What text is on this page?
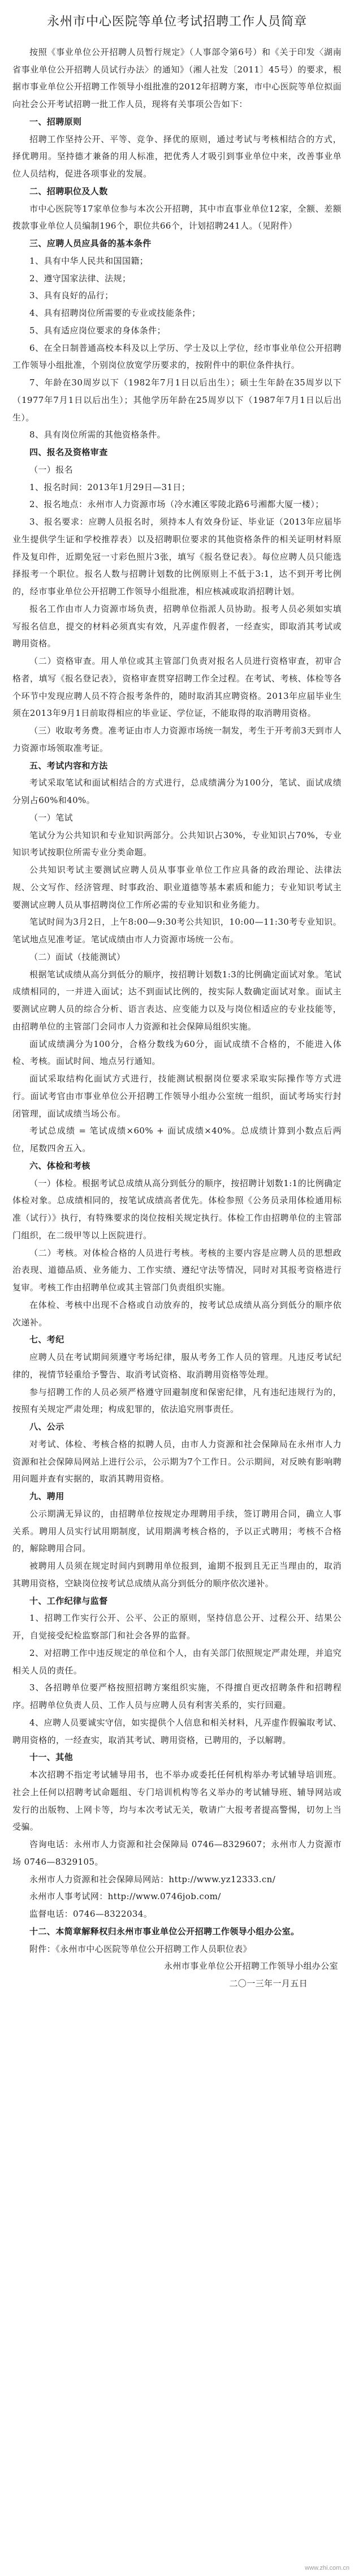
永州市中心医院等单位考试招聘工作人员简章

按照《事业单位公开招聘人员暂行规定》（人事部令第6号）和《关于印发〈湖南省事业单位公开招聘人员试行办法〉的通知》（湘人社发〔2011〕45号）的要求，根据市事业单位公开招聘工作领导小组批准的2012年招聘方案，市中心医院等单位拟面向社会公开考试招聘一批工作人员，现将有关事项公告如下：

一、招聘原则

招聘工作坚持公开、平等、竞争、择优的原则，通过考试与考核相结合的方式，择优聘用。坚持德才兼备的用人标准，把优秀人才吸引到事业单位中来，改善事业单位人员结构，促进各项事业的发展。

二、招聘职位及人数

市中心医院等17家单位参与本次公开招聘，其中市直事业单位12家，全额、差额拨款事业单位人员编制196个，职位共66个，计划招聘241人。（见附件）

三、应聘人员应具备的基本条件

1、具有中华人民共和国国籍；

2、遵守国家法律、法规；

3、具有良好的品行；

4、具有招聘岗位所需要的专业或技能条件；

5、具有适应岗位要求的身体条件；

6、在全日制普通高校本科及以上学历、学士及以上学位，经市事业单位公开招聘工作领导小组批准，个别岗位放宽学历要求的，按附件中的职位条件执行。

7、年龄在30周岁以下（1982年7月1日以后出生）；硕士生年龄在35周岁以下（1977年7月1日以后出生）；其他学历年龄在25周岁以下（1987年7月1日以后出生）。

8、具有岗位所需的其他资格条件。

四、报名及资格审查

（一）报名

1、报名时间：2013年1月29日—31日；

2、报名地点：永州市人力资源市场（冷水滩区零陵北路6号湘都大厦一楼）；

3、报名要求：应聘人员报名时，须持本人有效身份证、毕业证（2013年应届毕业生提供学生证和学校推荐表）以及招聘职位要求的其他资格条件的相关证明材料原件及复印件，近期免冠一寸彩色照片3张，填写《报名登记表》。每位应聘人员只能选择报考一个职位。报名人数与招聘计划数的比例原则上不低于3:1，达不到开考比例的，经市事业单位公开招聘工作领导小组批准，相应核减或取消招聘计划。

报名工作由市人力资源市场负责，招聘单位指派人员协助。报考人员必须如实填写报名信息，提交的材料必须真实有效，凡弄虚作假者，一经查实，即取消其考试或聘用资格。

（二）资格审查。用人单位或其主管部门负责对报名人员进行资格审查，初审合格者，填写《报名登记表》，资格审查贯穿招聘工作全过程。在考试、考核、体检等各个环节中发现应聘人员不符合报考条件的，随时取消其应聘资格。2013年应届毕业生须在2013年9月1日前取得相应的毕业证、学位证，不能取得的取消聘用资格。

（三）收取考务费。准考证由市人力资源市场统一制发，考生于开考前3天到市人力资源市场领取准考证。

五、考试内容和方法

考试采取笔试和面试相结合的方式进行，总成绩满分为100分，笔试、面试成绩分别占60%和40%。

（一）笔试

笔试分为公共知识和专业知识两部分。公共知识占30%，专业知识占70%，专业知识考试按职位所需专业分类命题。

公共知识考试主要测试应聘人员从事事业单位工作应具备的政治理论、法律法规、公文写作、经济管理、时事政治、职业道德等基本素质和能力；专业知识考试主要测试应聘人员从事招聘岗位工作所必需的专业知识和业务能力。

笔试时间为3月2日，上午8:00—9:30考公共知识，10:00—11:30考专业知识。笔试地点见准考证。笔试成绩由市人力资源市场统一公布。

（二）面试（技能测试）

根据笔试成绩从高分到低分的顺序，按招聘计划数1:3的比例确定面试对象。笔试成绩相同的，一并进入面试；达不到面试比例的，按实际人数确定面试对象。面试主要测试应聘人员的综合分析、语言表达、应变能力以及与岗位相适应的专业技能等，由招聘单位的主管部门会同市人力资源和社会保障局组织实施。

面试成绩满分为100分，合格分数线为60分，面试成绩不合格的，不能进入体检、考核。面试时间、地点另行通知。

面试采取结构化面试方式进行，技能测试根据岗位要求采取实际操作等方式进行。面试考官由市事业单位公开招聘工作领导小组办公室统一组织，面试考场实行封闭管理，面试成绩当场公布。

考试总成绩 = 笔试成绩×60% + 面试成绩×40%。总成绩计算到小数点后两位，尾数四舍五入。

六、体检和考核

（一）体检。根据考试总成绩从高分到低分的顺序，按招聘计划数1:1的比例确定体检对象。总成绩相同的，按笔试成绩高者优先。体检参照《公务员录用体检通用标准（试行）》执行，有特殊要求的岗位按相关规定执行。体检工作由招聘单位的主管部门组织，在二级甲等以上医院进行。

（二）考核。对体检合格的人员进行考核。考核的主要内容是应聘人员的思想政治表现、道德品质、业务能力、工作实绩、遵纪守法等情况，同时对其报考资格进行复审。考核工作由招聘单位或其主管部门负责组织实施。

在体检、考核中出现不合格或自动放弃的，按考试总成绩从高分到低分的顺序依次递补。

七、考纪

应聘人员在考试期间须遵守考场纪律，服从考务工作人员的管理。凡违反考试纪律的，视情节轻重给予警告、取消考试资格、取消聘用资格等处理。

参与招聘工作的人员必须严格遵守回避制度和保密纪律，凡有违纪违规行为的，按照有关规定严肃处理；构成犯罪的，依法追究刑事责任。

八、公示

对考试、体检、考核合格的拟聘人员，由市人力资源和社会保障局在永州市人力资源和社会保障局网站上进行公示，公示期为7个工作日。公示期间，对反映有影响聘用问题并查有实据的，取消其聘用资格。

九、聘用

公示期满无异议的，由招聘单位按规定办理聘用手续，签订聘用合同，确立人事关系。聘用人员实行试用期制度，试用期满考核合格的，予以正式聘用；考核不合格的，解除聘用合同。

被聘用人员须在规定时间内到聘用单位报到，逾期不报到且无正当理由的，取消其聘用资格，空缺岗位按考试总成绩从高分到低分的顺序依次递补。

十、工作纪律与监督

1、招聘工作实行公开、公平、公正的原则，坚持信息公开、过程公开、结果公开，自觉接受纪检监察部门和社会各界的监督。

2、对招聘工作中违反规定的单位和个人，由有关部门依照规定严肃处理，并追究相关人员的责任。

3、各招聘单位要严格按照招聘方案组织实施，不得擅自更改招聘条件和招聘程序。招聘单位负责人员、工作人员与应聘人员有利害关系的，实行回避。

4、应聘人员要诚实守信，如实提供个人信息和相关材料，凡弄虚作假骗取考试、聘用资格的，一经查实，取消其考试、聘用资格，已聘用的，予以解聘。

十一、其他

本次招聘不指定考试辅导用书，也不举办或委托任何机构举办考试辅导培训班。社会上任何以招聘考试命题组、专门培训机构等名义举办的考试辅导班、辅导网站或发行的出版物、上网卡等，均与本次考试无关，敬请广大报考者提高警惕，切勿上当受骗。

咨询电话：永州市人力资源和社会保障局 0746—8329607；永州市人力资源市场 0746—8329105。

永州市人力资源和社会保障局网站：http://www.yz12333.cn/

永州市人事考试网：http://www.0746job.com/

监督电话：0746—8322034。

十二、本简章解释权归永州市事业单位公开招聘工作领导小组办公室。

附件：《永州市中心医院等单位公开招聘工作人员职位表》

永州市事业单位公开招聘工作领导小组办公室

二〇一三年一月五日

www.zhi.com.cn
